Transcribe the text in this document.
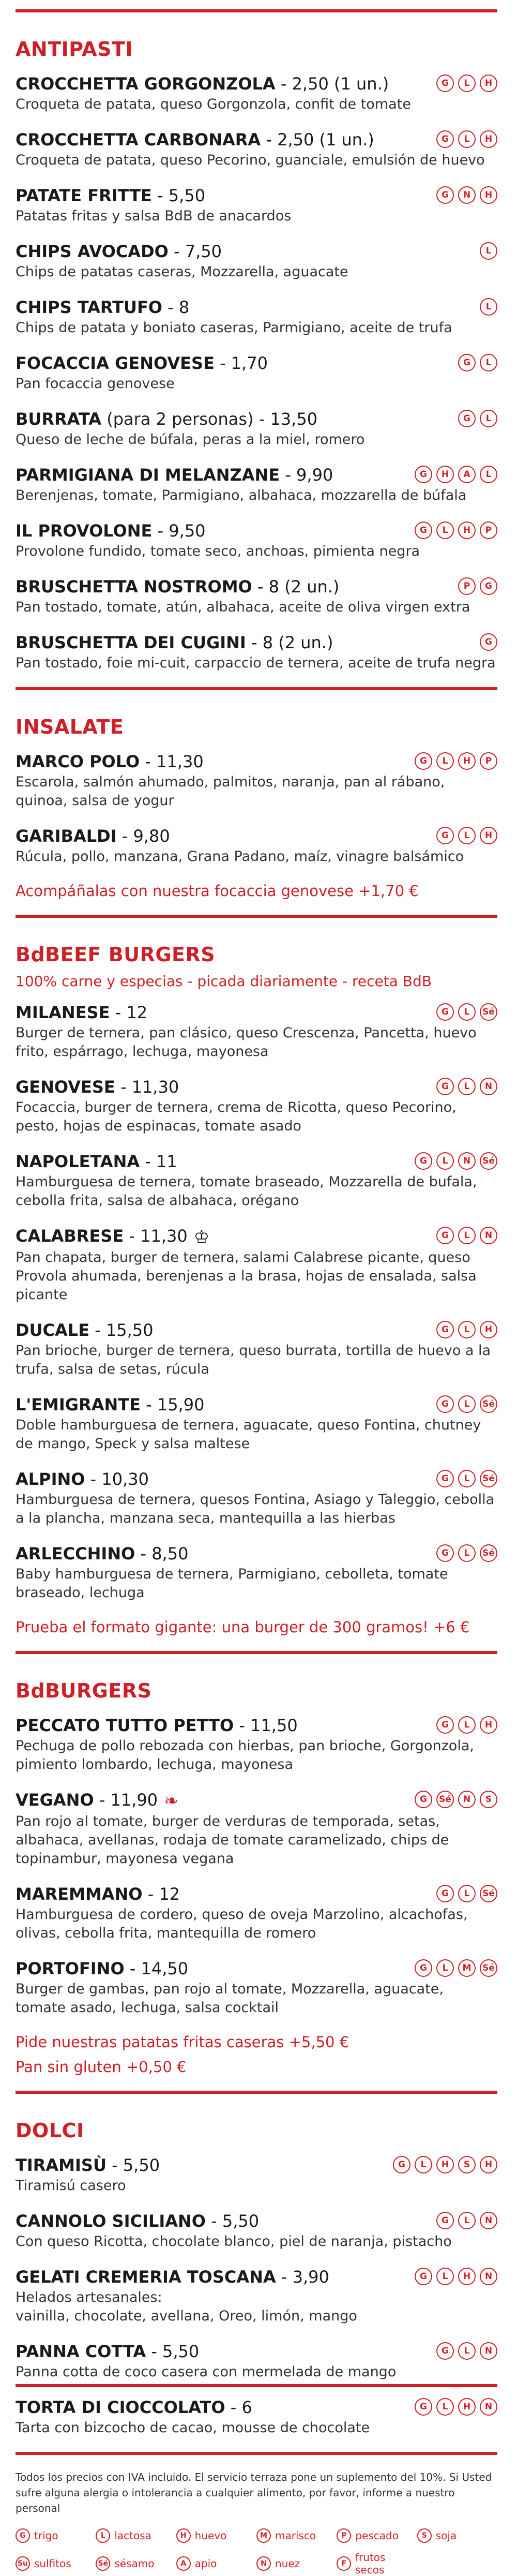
ANTIPASTI
CROCCHETTA GORGONZOLA - 2,50 (1 un.)
Croqueta de patata, queso Gorgonzola, confit de tomate
G	L	H
CROCCHETTA CARBONARA - 2,50 (1 un.)
Croqueta de patata, queso Pecorino, guanciale, emulsión de huevo
G	L	H
PATATE FRITTE - 5,50
Patatas fritas y salsa BdB de anacardos
G	N	H
CHIPS AVOCADO - 7,50
Chips de patatas caseras, Mozzarella, aguacate
L
CHIPS TARTUFO - 8
Chips de patata y boniato caseras, Parmigiano, aceite de trufa
L
FOCACCIA GENOVESE - 1,70
Pan focaccia genovese
G	L
BURRATA (para 2 personas) - 13,50
Queso de leche de búfala, peras a la miel, romero
G	L
PARMIGIANA DI MELANZANE - 9,90
Berenjenas, tomate, Parmigiano, albahaca, mozzarella de búfala
G	H	A	L
IL PROVOLONE - 9,50
Provolone fundido, tomate seco, anchoas, pimienta negra
G	L	H	P
BRUSCHETTA NOSTROMO - 8 (2 un.)
Pan tostado, tomate, atún, albahaca, aceite de oliva virgen extra
P	G
BRUSCHETTA DEI CUGINI - 8 (2 un.)
Pan tostado, foie mi-cuit, carpaccio de ternera, aceite de trufa negra
G
INSALATE
MARCO POLO - 11,30
Escarola, salmón ahumado, palmitos, naranja, pan al rábano, quinoa, salsa de yogur
G	L	H	P
GARIBALDI - 9,80
Rúcula, pollo, manzana, Grana Padano, maíz, vinagre balsámico
G	L	H
Acompáñalas con nuestra focaccia genovese +1,70 €
BdBEEF BURGERS
100% carne y especias - picada diariamente - receta BdB
MILANESE - 12
Burger de ternera, pan clásico, queso Crescenza, Pancetta, huevo frito, espárrago, lechuga, mayonesa
G	L	Sé
GENOVESE - 11,30
Focaccia, burger de ternera, crema de Ricotta, queso Pecorino, pesto, hojas de espinacas, tomate asado
G	L	N
NAPOLETANA - 11
Hamburguesa de ternera, tomate braseado, Mozzarella de bufala, cebolla frita, salsa de albahaca, orégano
G	L	N	Sé
CALABRESE - 11,30 ♔
Pan chapata, burger de ternera, salami Calabrese picante, queso Provola ahumada, berenjenas a la brasa, hojas de ensalada, salsa picante
G	L	N
DUCALE - 15,50
Pan brioche, burger de ternera, queso burrata, tortilla de huevo a la trufa, salsa de setas, rúcula
G	L	H
L'EMIGRANTE - 15,90
Doble hamburguesa de ternera, aguacate, queso Fontina, chutney de mango, Speck y salsa maltese
G	L	Sé
ALPINO - 10,30
Hamburguesa de ternera, quesos Fontina, Asiago y Taleggio, cebolla a la plancha, manzana seca, mantequilla a las hierbas
G	L	Sé
ARLECCHINO - 8,50
Baby hamburguesa de ternera, Parmigiano, cebolleta, tomate braseado, lechuga
G	L	Sé
Prueba el formato gigante: una burger de 300 gramos! +6 €
BdBURGERS
PECCATO TUTTO PETTO - 11,50
Pechuga de pollo rebozada con hierbas, pan brioche, Gorgonzola, pimiento lombardo, lechuga, mayonesa
G	L	H
VEGANO - 11,90 ❧
Pan rojo al tomate, burger de verduras de temporada, setas, albahaca, avellanas, rodaja de tomate caramelizado, chips de topinambur, mayonesa vegana
G	Sé	N	S
MAREMMANO - 12
Hamburguesa de cordero, queso de oveja Marzolino, alcachofas, olivas, cebolla frita, mantequilla de romero
G	L	Sé
PORTOFINO - 14,50
Burger de gambas, pan rojo al tomate, Mozzarella, aguacate, tomate asado, lechuga, salsa cocktail
G	L	M	Sé
Pide nuestras patatas fritas caseras +5,50 €
Pan sin gluten +0,50 €
DOLCI
TIRAMISÙ - 5,50
Tiramisú casero
G	L	H	S	H
CANNOLO SICILIANO - 5,50
Con queso Ricotta, chocolate blanco, piel de naranja, pistacho
G	L	N
GELATI CREMERIA TOSCANA - 3,90
Helados artesanales:
vainilla, chocolate, avellana, Oreo, limón, mango
G	L	H	N
PANNA COTTA - 5,50
Panna cotta de coco casera con mermelada de mango
G	L	N
TORTA DI CIOCCOLATO - 6
Tarta con bizcocho de cacao, mousse de chocolate
G	L	H	N
Todos los precios con IVA incluido. El servicio terraza pone un suplemento del 10%. Si Usted sufre alguna alergia o intolerancia a cualquier alimento, por favor, informe a nuestro personal
G trigo	L lactosa	H huevo	M marisco	P pescado	S soja
Su sulfitos	Sé sésamo	A apio	N nuez	F frutos secos
